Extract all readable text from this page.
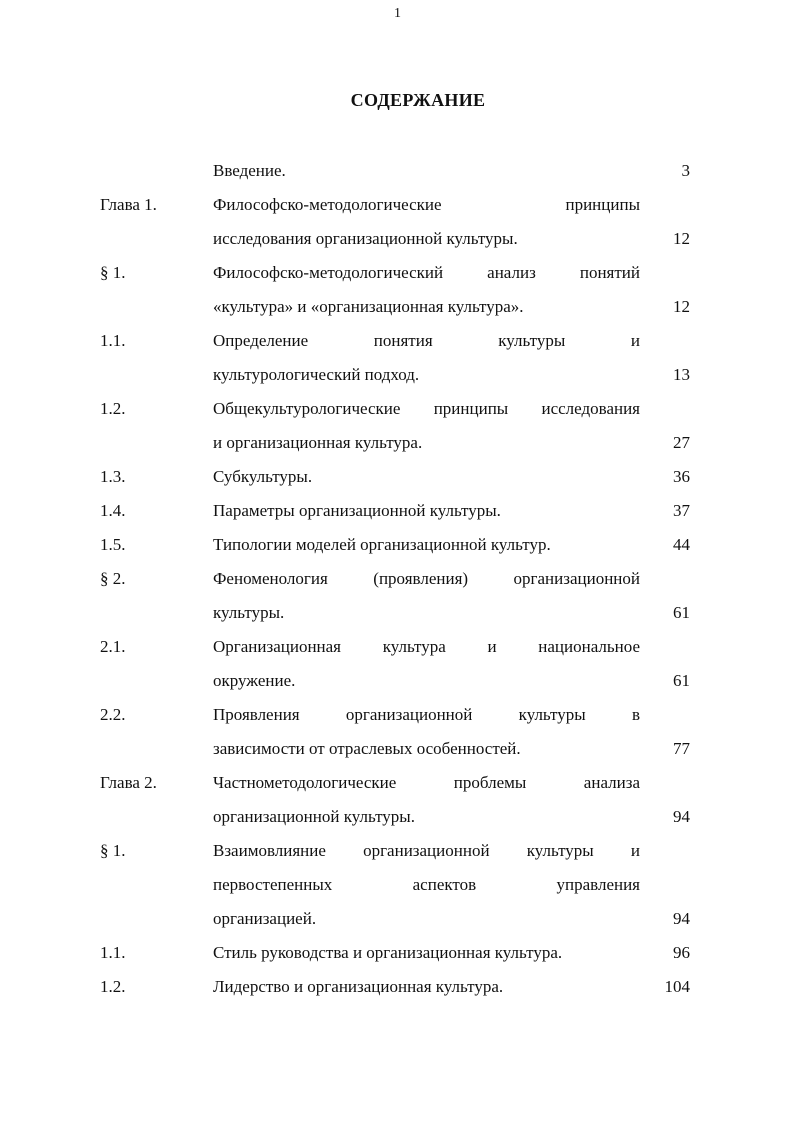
1
СОДЕРЖАНИЕ
Введение.	3
Глава 1.	Философско-методологические принципы
исследования организационной культуры.	12
§ 1.	Философско-методологический анализ понятий
«культура» и «организационная культура».	12
1.1.	Определение понятия культуры и
культурологический подход.	13
1.2.	Общекультурологические принципы исследования
и организационная культура.	27
1.3.	Субкультуры.	36
1.4.	Параметры организационной культуры.	37
1.5.	Типологии моделей организационной культур.	44
§ 2.	Феноменология (проявления) организационной
культуры.	61
2.1.	Организационная культура и национальное
окружение.	61
2.2.	Проявления организационной культуры в
зависимости от отраслевых особенностей.	77
Глава 2.	Частнометодологические проблемы анализа
организационной культуры.	94
§ 1.	Взаимовлияние организационной культуры и
первостепенных аспектов управления
организацией.	94
1.1.	Стиль руководства и организационная культура.	96
1.2.	Лидерство и организационная культура.	104
